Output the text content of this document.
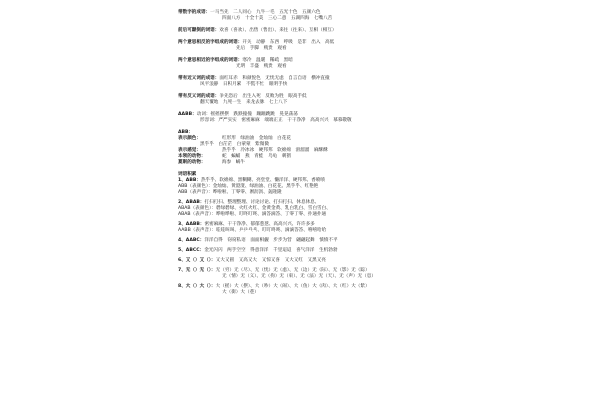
带数字的成语：一马当先　二人同心　九牛一毛　五光十色　五颜六色
四面八方　十全十美　三心二意　五湖四海　七嘴八舌
前后可颠倒的词语：欢喜（喜欢）、出售（售出）、来往（往来）、互相（相互）
两个意思相反的字组成的词语：开关　动静　东西　呼吸　是非　出入　高低
先后　手脚　贱贵　观看
两个意思相近的字组成的词语：寒冷　温暖　稀疏　黑暗　
光明　丰盛　贱贵　观看
带有近义词的成语：面红耳赤　和颜悦色　无忧无虑　自言自语　横冲直撞
风平浪静　日积月累　不慌不忙　眼明手快
带有反义词的成语：争先恐后　出生入死　反败为胜　眼高手低
翻天覆地　九死一生　来龙去脉　七上八下
AABB：动词：摇摇摆摆　跌跌撞撞　蹦蹦跳跳　晃晃荡荡
形容词：严严实实　密密麻麻　端端正正　干干净净　高高兴兴　慕慕敬敬
ABB：
表示颜色：	红形形　绿油油　金灿灿　白花花
黑乎乎　白茫茫　白蒙蒙　紫微微
表示感觉：	热乎乎　冷冰冰　硬邦邦　软绵绵　滑溜溜　麻酥酥
本领的动物：	蛇　蝙蝠　燕　青蛙　乌龟　刺猬
夏眠的动物：	海参　蜗牛
词语积累
1、ABB：热乎乎、软绵绵、黑糊糊、亮堂堂、懒洋洋、硬邦邦、香喷喷
ABB（表颜色）：金灿灿、黄澄澄、绿油油、白花花、黑乎乎、红艳艳
ABB（表声音）：哗啦啦、丁零零、淅沥沥、轰隆隆
2、ABAB：打扫打扫、整理整理、讨论讨论、打扫打扫、休息休息、
ABAB（表颜色）：碧绿碧绿、火红火红、金黄金黄、乳白乳白、雪白雪白、
ABAB（表声音）：哗啦哗啦、叮咚叮咚、滴答滴答、丁零丁零、扑通扑通
3、AABB：密密麻麻、干干净净、郁郁葱葱、高高兴兴、许许多多
AABB（表声音）：哇哇叫叫、乒乒乓乓、叮叮咚咚、滴滴答答、嘻嘻哈哈
4、AABC：洋洋自得　窃窃私语　面面相觑　步步为营　翩翩起舞　愤愤不平
5、ABCC：金光闪闪　两手空空　得意洋洋　千里迢迢　喜气洋洋　生机勃勃
6、又（）又（）：又大又圆　又高又大　又惊又喜　又大又红　又黑又亮
7、无（）无（）：无（穷）无（尽）、无（忧）无（虑）、无（边）无（际）、无（影）无（踪）
无（情）无（义）、无（拘）无（束）、无（法）无（天）、无（声）无（息）
8、大（）大（）：大（摇）大（摆）、大（吵）大（闹）、大（鱼）大（肉）、大（红）大（紫）
大（街）大（巷）
